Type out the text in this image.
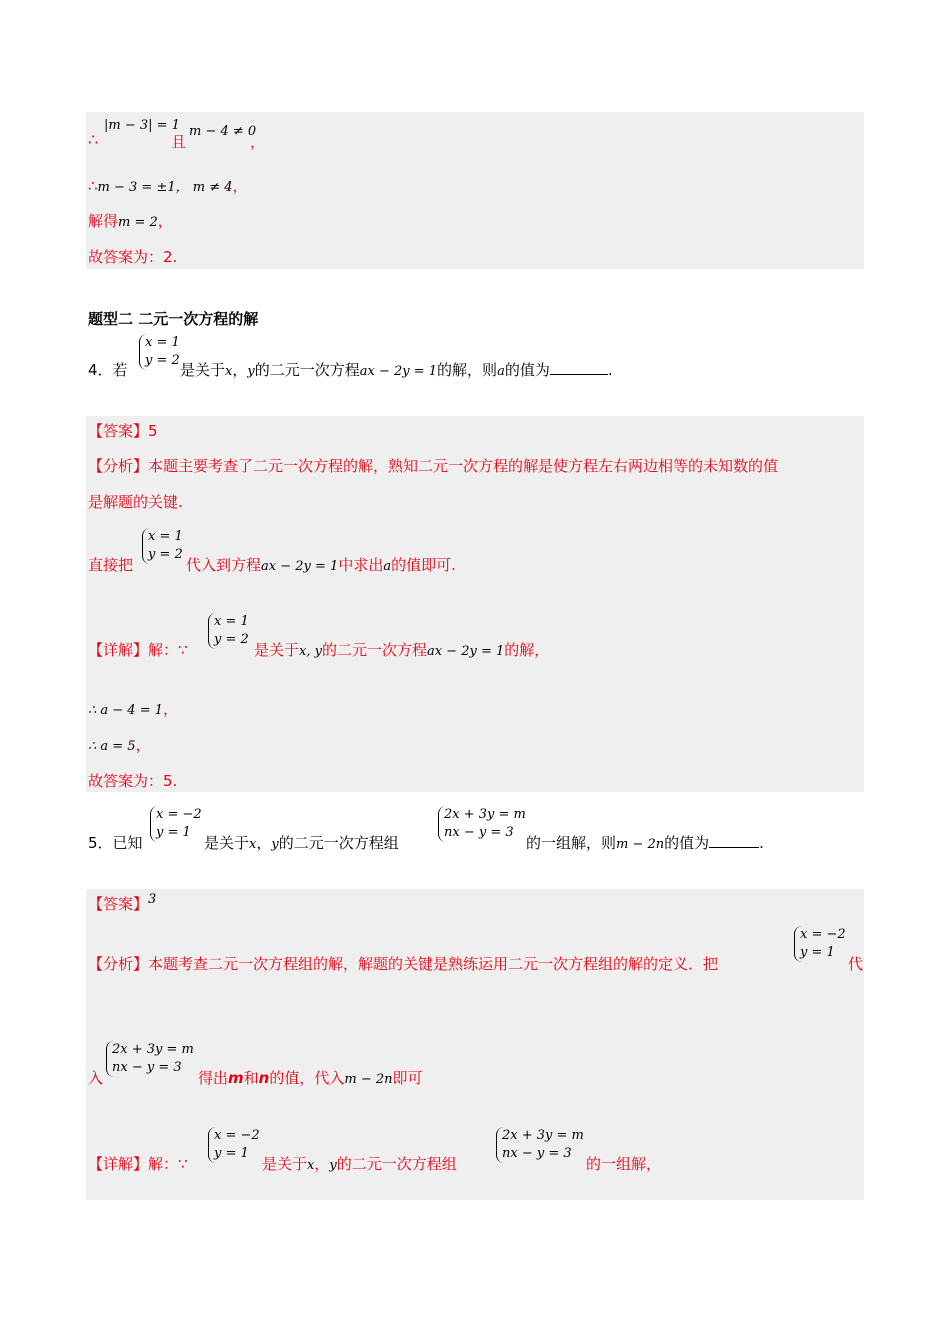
∴
|m − 3| = 1
且
m − 4 ≠ 0
，
∴m − 3 = ±1， m ≠ 4，
解得m = 2，
故答案为：2.
题型二 二元一次方程的解
x = 1
y = 2
4．若	是关于x，y的二元一次方程ax − 2y = 1的解，则a的值为	.
【答案】5
【分析】本题主要考查了二元一次方程的解，熟知二元一次方程的解是使方程左右两边相等的未知数的值
是解题的关键.
x = 1
y = 2
直接把	代入到方程ax − 2y = 1中求出a的值即可.
x = 1
y = 2
【详解】解：∵	是关于x, y的二元一次方程ax − 2y = 1的解，
∴ a − 4 = 1，
∴ a = 5，
故答案为：5.
x = −2
y = 1
5．已知	是关于x，y的二元一次方程组
2x + 3y = m
nx − y = 3
的一组解，则m − 2n的值为	.
【答案】3
【分析】本题考查二元一次方程组的解，解题的关键是熟练运用二元一次方程组的解的定义．把
x = −2
y = 1
代
2x + 3y = m
nx − y = 3
入	得出m和n的值，代入m − 2n即可
x = −2
y = 1
【详解】解：∵	是关于x，y的二元一次方程组
2x + 3y = m
nx − y = 3
的一组解，
